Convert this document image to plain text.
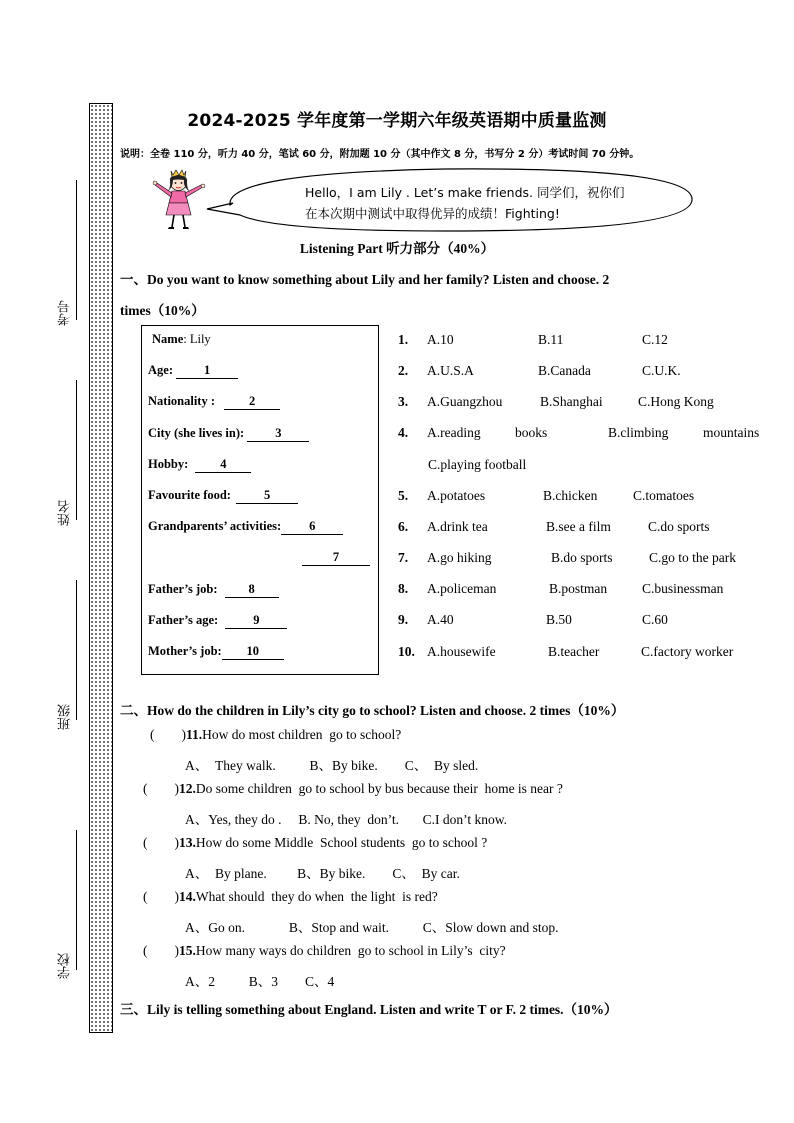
考号
姓名
班级
学校
2024-2025 学年度第一学期六年级英语期中质量监测
说明：全卷 110 分，听力 40 分，笔试 60 分，附加题 10 分（其中作文 8 分，书写分 2 分）考试时间 70 分钟。
Hello，I am Lily . Let’s make friends. 同学们，祝你们
在本次期中测试中取得优异的成绩！Fighting!
Listening Part 听力部分（40%）
一、Do you want to know something about Lily and her family? Listen and choose. 2
times（10%）
Name: Lily
Age: 1
Nationality :	2
City (she lives in): 3
Hobby:	4
Favourite food:	5
Grandparents’ activities: 6
7
Father’s job: 8
Father’s age:	9
Mother’s job: 10
1. A.10	B.11	C.12
2. A.U.S.A	B.Canada	C.U.K.
3. A.Guangzhou	B.Shanghai	C.Hong Kong
4. A.reading	books	B.climbing	mountains
C.playing football
5. A.potatoes	B.chicken	C.tomatoes
6. A.drink tea	B.see a film	C.do sports
7. A.go hiking	B.do sports	C.go to the park
8. A.policeman	B.postman	C.businessman
9. A.40	B.50	C.60
10. A.housewife	B.teacher	C.factory worker
二、How do the children in Lily’s city go to school? Listen and choose. 2 times（10%）
(        )11.How do most children  go to school?
A、  They walk.          B、By bike.        C、  By sled.
(        )12.Do some children  go to school by bus because their  home is near ?
A、Yes, they do .     B. No, they  don’t.       C.I don’t know.
(        )13.How do some Middle  School students  go to school ?
A、  By plane.         B、By bike.        C、  By car.
(        )14.What should  they do when  the light  is red?
A、Go on.             B、Stop and wait.          C、Slow down and stop.
(        )15.How many ways do children  go to school in Lily’s  city?
A、2          B、3        C、4
三、Lily is telling something about England. Listen and write T or F. 2 times.（10%）
